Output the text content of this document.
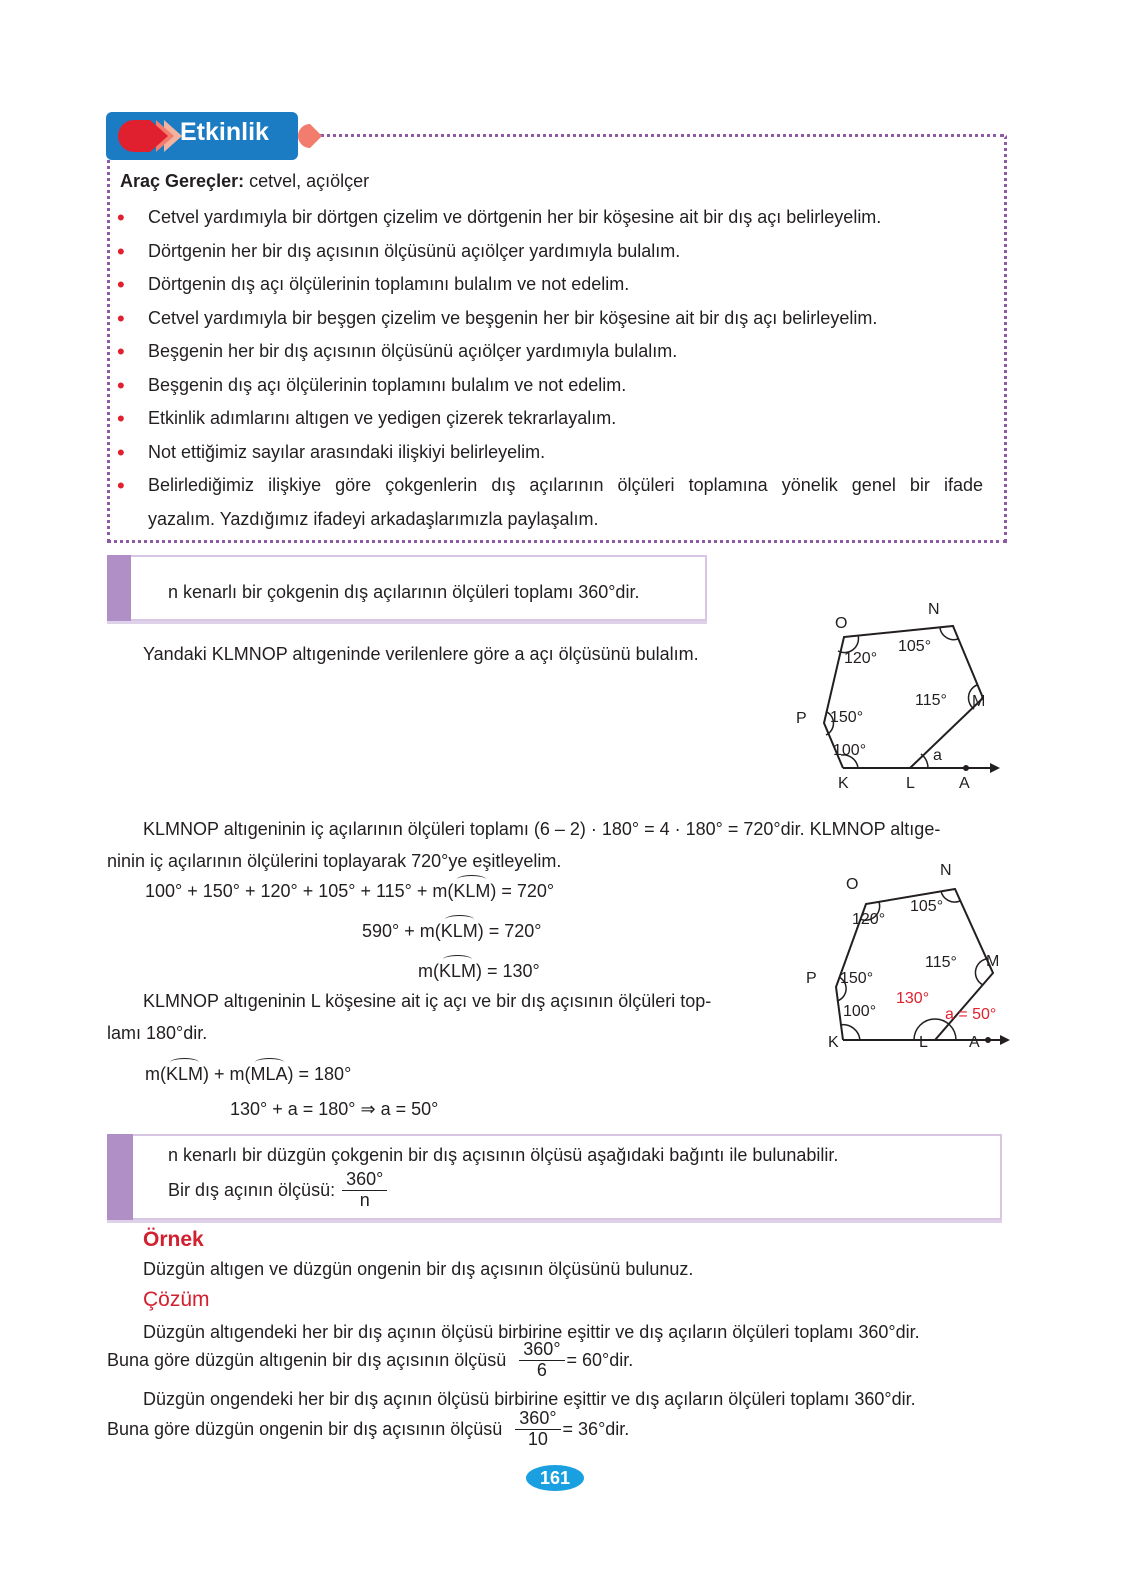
Etkinlik
Araç Gereçler: cetvel, açıölçer
• Cetvel yardımıyla bir dörtgen çizelim ve dörtgenin her bir köşesine ait bir dış açı belirleyelim.
• Dörtgenin her bir dış açısının ölçüsünü açıölçer yardımıyla bulalım.
• Dörtgenin dış açı ölçülerinin toplamını bulalım ve not edelim.
• Cetvel yardımıyla bir beşgen çizelim ve beşgenin her bir köşesine ait bir dış açı belirleyelim.
• Beşgenin her bir dış açısının ölçüsünü açıölçer yardımıyla bulalım.
• Beşgenin dış açı ölçülerinin toplamını bulalım ve not edelim.
• Etkinlik adımlarını altıgen ve yedigen çizerek tekrarlayalım.
• Not ettiğimiz sayılar arasındaki ilişkiyi belirleyelim.
• Belirlediğimiz ilişkiye göre çokgenlerin dış açılarının ölçüleri toplamına yönelik genel bir ifade
yazalım. Yazdığımız ifadeyi arkadaşlarımızla paylaşalım.
n kenarlı bir çokgenin dış açılarının ölçüleri toplamı 360°dir.
Yandaki KLMNOP altıgeninde verilenlere göre a açı ölçüsünü bulalım.
O
N
M
P
K	L	A
120°
105°
115°
150°
100°	a
KLMNOP altıgeninin iç açılarının ölçüleri toplamı (6 – 2) · 180° = 4 · 180° = 720°dir. KLMNOP altıge-
ninin iç açılarının ölçülerini toplayarak 720°ye eşitleyelim.
100° + 150° + 120° + 105° + 115° + m(KLM) = 720°
590° + m(KLM) = 720°
m(KLM) = 130°
KLMNOP altıgeninin L köşesine ait iç açı ve bir dış açısının ölçüleri top-
lamı 180°dir.
m(KLM) + m(MLA) = 180°
130° + a = 180° ⇒ a = 50°
O
N
M
P
K	L	A
120°
105°
115°
150°
100°
130°
a = 50°
n kenarlı bir düzgün çokgenin bir dış açısının ölçüsü aşağıdaki bağıntı ile bulunabilir.
Bir dış açının ölçüsü: $\frac{360^\circ}{n}$
Örnek
Düzgün altıgen ve düzgün ongenin bir dış açısının ölçüsünü bulunuz.
Çözüm
Düzgün altıgendeki her bir dış açının ölçüsü birbirine eşittir ve dış açıların ölçüleri toplamı 360°dir.
Buna göre düzgün altıgenin bir dış açısının ölçüsü $\frac{360^\circ}{6} = 60^\circ dir$.
Düzgün ongendeki her bir dış açının ölçüsü birbirine eşittir ve dış açıların ölçüleri toplamı 360°dir.
Buna göre düzgün ongenin bir dış açısının ölçüsü $\frac{360^\circ}{10} = 36^\circ dir$.
161
